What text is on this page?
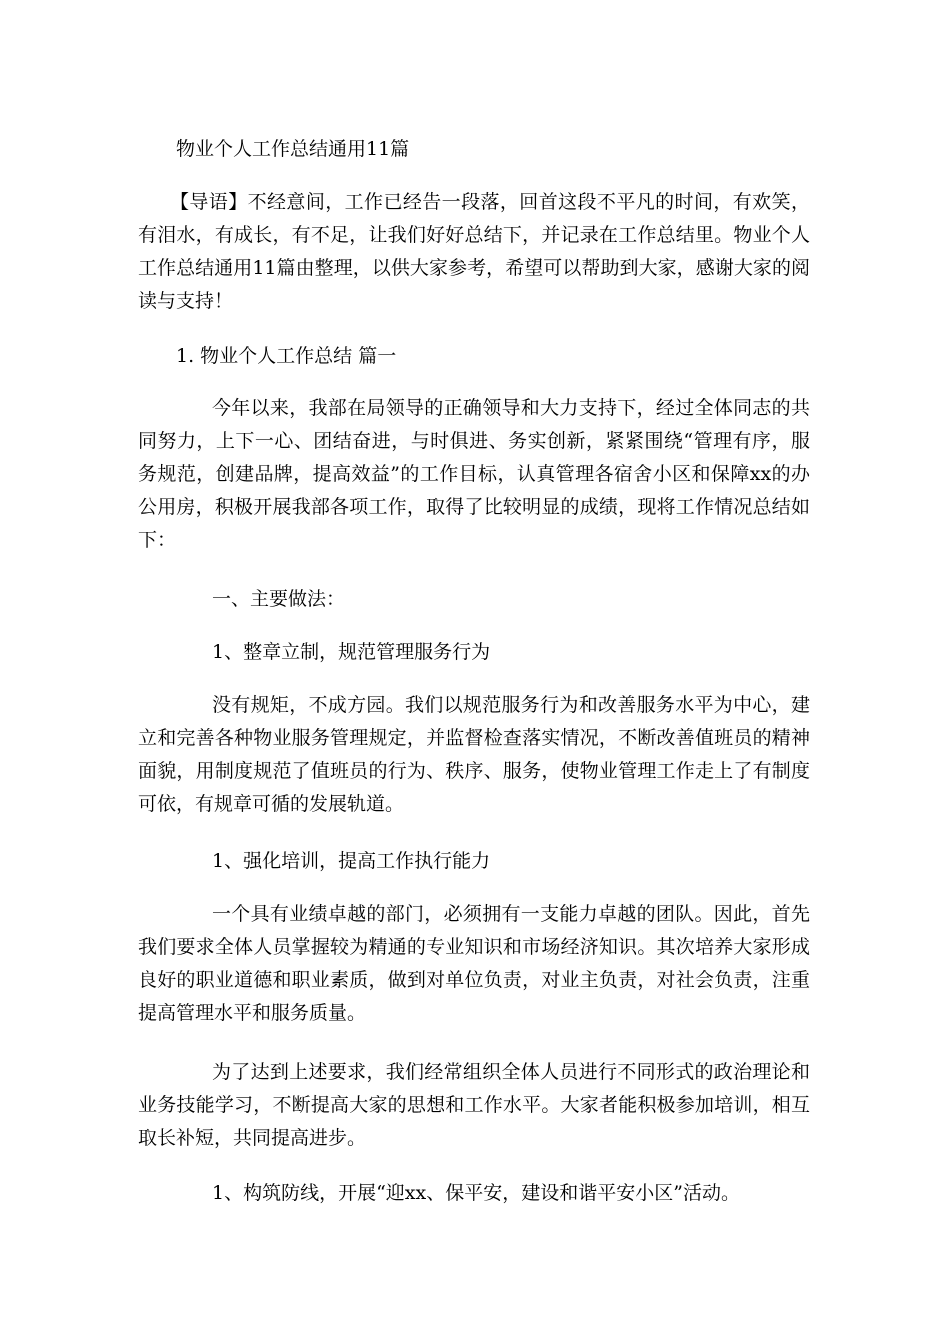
物业个人工作总结通用11篇

【导语】不经意间，工作已经告一段落，回首这段不平凡的时间，有欢笑，有泪水，有成长，有不足，让我们好好总结下，并记录在工作总结里。物业个人工作总结通用11篇由整理，以供大家参考，希望可以帮助到大家，感谢大家的阅读与支持！

1. 物业个人工作总结 篇一

今年以来，我部在局领导的正确领导和大力支持下，经过全体同志的共同努力，上下一心、团结奋进，与时俱进、务实创新，紧紧围绕“管理有序，服务规范，创建品牌，提高效益”的工作目标，认真管理各宿舍小区和保障xx的办公用房，积极开展我部各项工作，取得了比较明显的成绩，现将工作情况总结如下：

一、主要做法：

1、整章立制，规范管理服务行为

没有规矩，不成方园。我们以规范服务行为和改善服务水平为中心，建立和完善各种物业服务管理规定，并监督检查落实情况，不断改善值班员的精神面貌，用制度规范了值班员的行为、秩序、服务，使物业管理工作走上了有制度可依，有规章可循的发展轨道。

1、强化培训，提高工作执行能力

一个具有业绩卓越的部门，必须拥有一支能力卓越的团队。因此，首先我们要求全体人员掌握较为精通的专业知识和市场经济知识。其次培养大家形成良好的职业道德和职业素质，做到对单位负责，对业主负责，对社会负责，注重提高管理水平和服务质量。

为了达到上述要求，我们经常组织全体人员进行不同形式的政治理论和业务技能学习，不断提高大家的思想和工作水平。大家者能积极参加培训，相互取长补短，共同提高进步。

1、构筑防线，开展“迎xx、保平安，建设和谐平安小区”活动。
